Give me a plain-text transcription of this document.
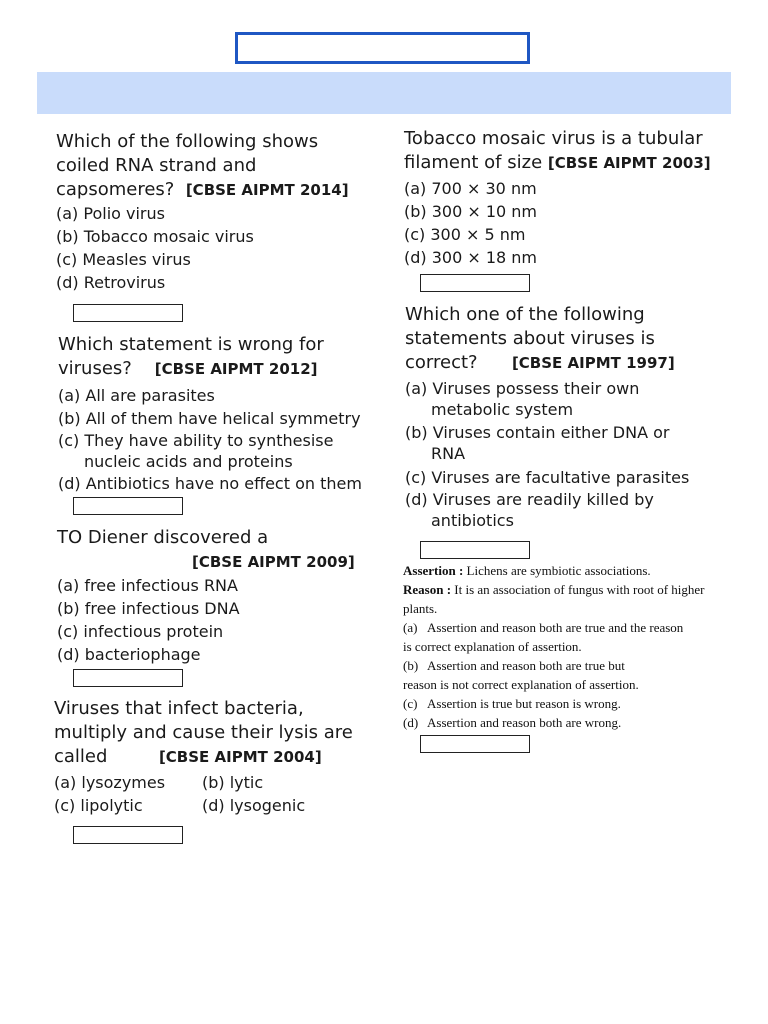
Which of the following shows coiled RNA strand and capsomeres? [CBSE AIPMT 2014]

(a) Polio virus

(b) Tobacco mosaic virus

(c) Measles virus

(d) Retrovirus

Which statement is wrong for viruses? [CBSE AIPMT 2012]

(a) All are parasites

(b) All of them have helical symmetry

(c) They have ability to synthesise

nucleic acids and proteins

(d) Antibiotics have no effect on them

TO Diener discovered a

[CBSE AIPMT 2009]

(a) free infectious RNA

(b) free infectious DNA

(c) infectious protein

(d) bacteriophage

Viruses that infect bacteria, multiply and cause their lysis are called	[CBSE AIPMT 2004]

(a) lysozymes	(b) lytic

(c) lipolytic	(d) lysogenic

Tobacco mosaic virus is a tubular filament of size [CBSE AIPMT 2003]

(a) 700 × 30 nm

(b) 300 × 10 nm

(c) 300 × 5 nm

(d) 300 × 18 nm

Which one of the following statements about viruses is correct? [CBSE AIPMT 1997]

(a) Viruses possess their own

metabolic system

(b) Viruses contain either DNA or

RNA

(c) Viruses are facultative parasites

(d) Viruses are readily killed by

antibiotics

Assertion : Lichens are symbiotic associations.

Reason : It is an association of fungus with root of higher plants.

(a) Assertion and reason both are true and the reason
is correct explanation of assertion.

(b) Assertion and reason both are true but
reason is not correct explanation of assertion.

(c) Assertion is true but reason is wrong.

(d) Assertion and reason both are wrong.
